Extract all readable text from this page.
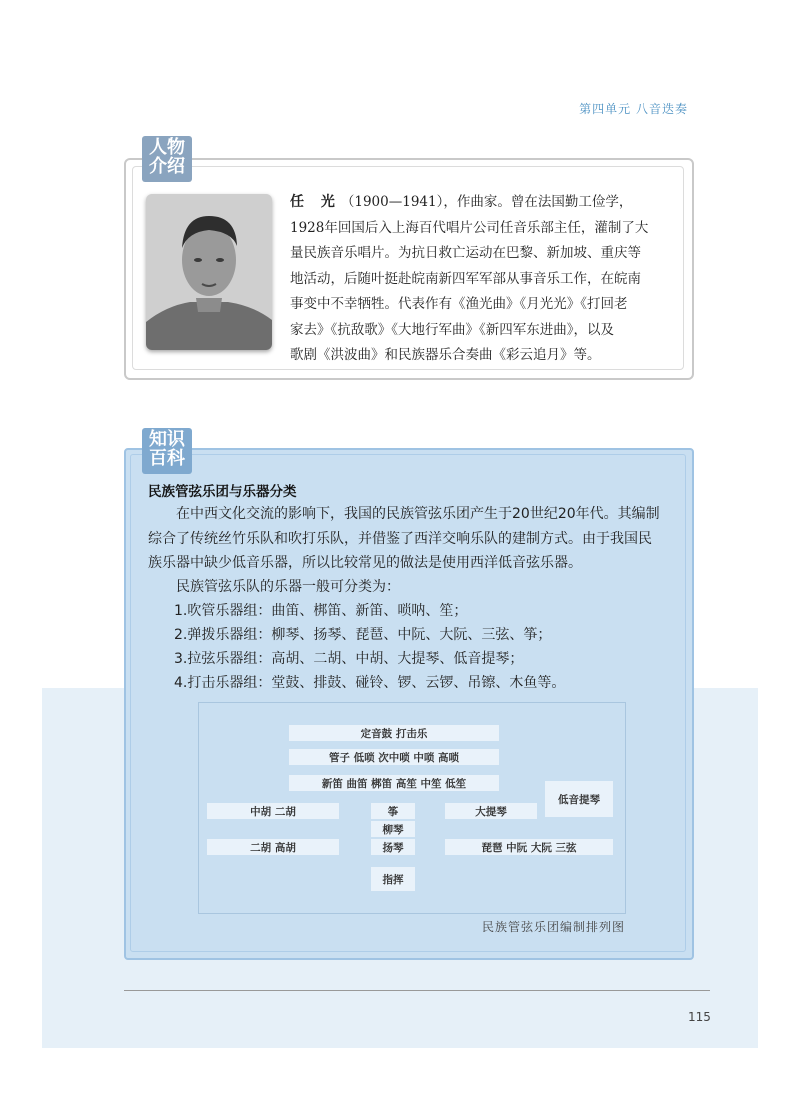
第四单元 八音迭奏
人物
介绍
任 光（1900—1941），作曲家。曾在法国勤工俭学，
1928年回国后入上海百代唱片公司任音乐部主任，灌制了大
量民族音乐唱片。为抗日救亡运动在巴黎、新加坡、重庆等
地活动，后随叶挺赴皖南新四军军部从事音乐工作，在皖南
事变中不幸牺牲。代表作有《渔光曲》《月光光》《打回老
家去》《抗敌歌》《大地行军曲》《新四军东进曲》，以及
歌剧《洪波曲》和民族器乐合奏曲《彩云追月》等。
知识
百科
民族管弦乐团与乐器分类
在中西文化交流的影响下，我国的民族管弦乐团产生于20世纪20年代。其编制
综合了传统丝竹乐队和吹打乐队，并借鉴了西洋交响乐队的建制方式。由于我国民
族乐器中缺少低音乐器，所以比较常见的做法是使用西洋低音弦乐器。
民族管弦乐队的乐器一般可分类为：
1.吹管乐器组：曲笛、梆笛、新笛、唢呐、笙；
2.弹拨乐器组：柳琴、扬琴、琵琶、中阮、大阮、三弦、筝；
3.拉弦乐器组：高胡、二胡、中胡、大提琴、低音提琴；
4.打击乐器组：堂鼓、排鼓、碰铃、锣、云锣、吊镲、木鱼等。
定音鼓 打击乐
管子 低唢 次中唢 中唢 高唢
新笛 曲笛 梆笛 高笙 中笙 低笙
中胡 二胡
二胡 高胡
筝
柳琴
扬琴
指挥
大提琴
琵琶 中阮 大阮 三弦
低音提琴
民族管弦乐团编制排列图
115
